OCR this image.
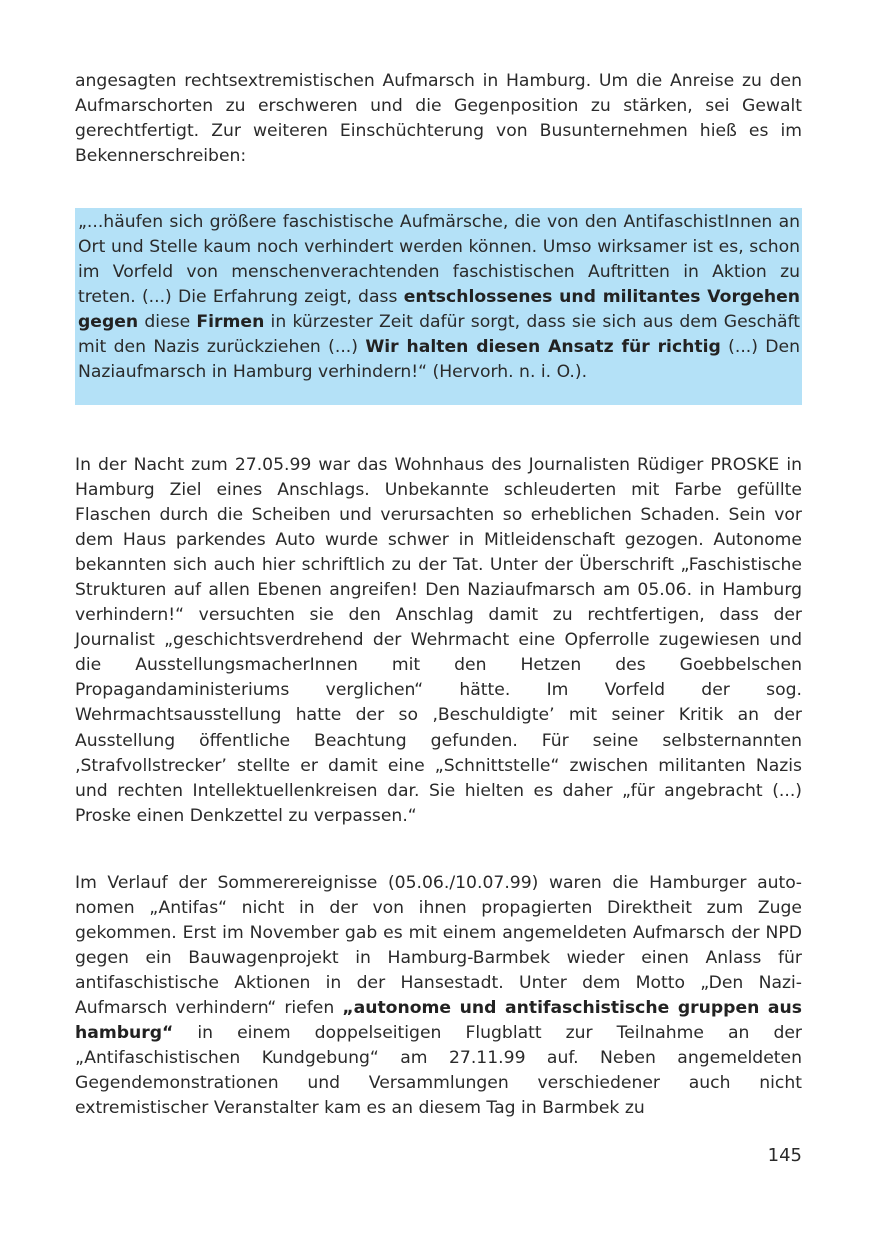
angesagten rechtsextremistischen Aufmarsch in Hamburg. Um die Anreise zu den Aufmarschorten zu erschweren und die Gegenposition zu stärken, sei Gewalt gerechtfertigt. Zur weiteren Einschüchterung von Busunternehmen hieß es im Bekennerschreiben:

„...häufen sich größere faschistische Aufmärsche, die von den AntifaschistInnen an Ort und Stelle kaum noch verhindert werden können. Umso wirksamer ist es, schon im Vorfeld von menschenverachtenden faschistischen Auftritten in Aktion zu treten. (...) Die Erfahrung zeigt, dass entschlossenes und militantes Vorgehen gegen diese Firmen in kürzester Zeit dafür sorgt, dass sie sich aus dem Geschäft mit den Nazis zurückziehen (...) Wir halten diesen Ansatz für richtig (...) Den Naziaufmarsch in Hamburg verhindern!“ (Hervorh. n. i. O.).

In der Nacht zum 27.05.99 war das Wohnhaus des Journalisten Rüdiger PROSKE in Hamburg Ziel eines Anschlags. Unbekannte schleuderten mit Farbe gefüllte Flaschen durch die Scheiben und verursachten so erheblichen Schaden. Sein vor dem Haus parkendes Auto wurde schwer in Mitleidenschaft gezogen. Autonome bekannten sich auch hier schriftlich zu der Tat. Unter der Überschrift „Faschistische Strukturen auf allen Ebenen angreifen! Den Naziaufmarsch am 05.06. in Hamburg verhindern!“ versuchten sie den Anschlag damit zu rechtfertigen, dass der Journalist „geschichtsverdrehend der Wehrmacht eine Opferrolle zugewiesen und die AusstellungsmacherInnen mit den Hetzen des Goebbelschen Propagandaministeriums verglichen“ hätte. Im Vorfeld der sog. Wehrmachtsausstellung hatte der so ‚Beschuldigte’ mit seiner Kritik an der Ausstellung öffentliche Beachtung gefunden. Für seine selbsternannten ‚Strafvollstrecker’ stellte er damit eine „Schnittstelle“ zwischen militanten Nazis und rechten Intellektuellenkreisen dar. Sie hielten es daher „für angebracht (...) Proske einen Denkzettel zu verpassen.“

Im Verlauf der Sommerereignisse (05.06./10.07.99) waren die Hamburger autonomen „Antifas“ nicht in der von ihnen propagierten Direktheit zum Zuge gekommen. Erst im November gab es mit einem angemeldeten Aufmarsch der NPD gegen ein Bauwagenprojekt in Hamburg-Barmbek wieder einen Anlass für antifaschistische Aktionen in der Hansestadt. Unter dem Motto „Den Nazi-Aufmarsch verhindern“ riefen „autonome und antifaschistische gruppen aus hamburg“ in einem doppelseitigen Flugblatt zur Teilnahme an der „Antifaschistischen Kundgebung“ am 27.11.99 auf. Neben angemeldeten Gegendemonstrationen und Versammlungen verschiedener auch nicht extremistischer Veranstalter kam es an diesem Tag in Barmbek zu

145
